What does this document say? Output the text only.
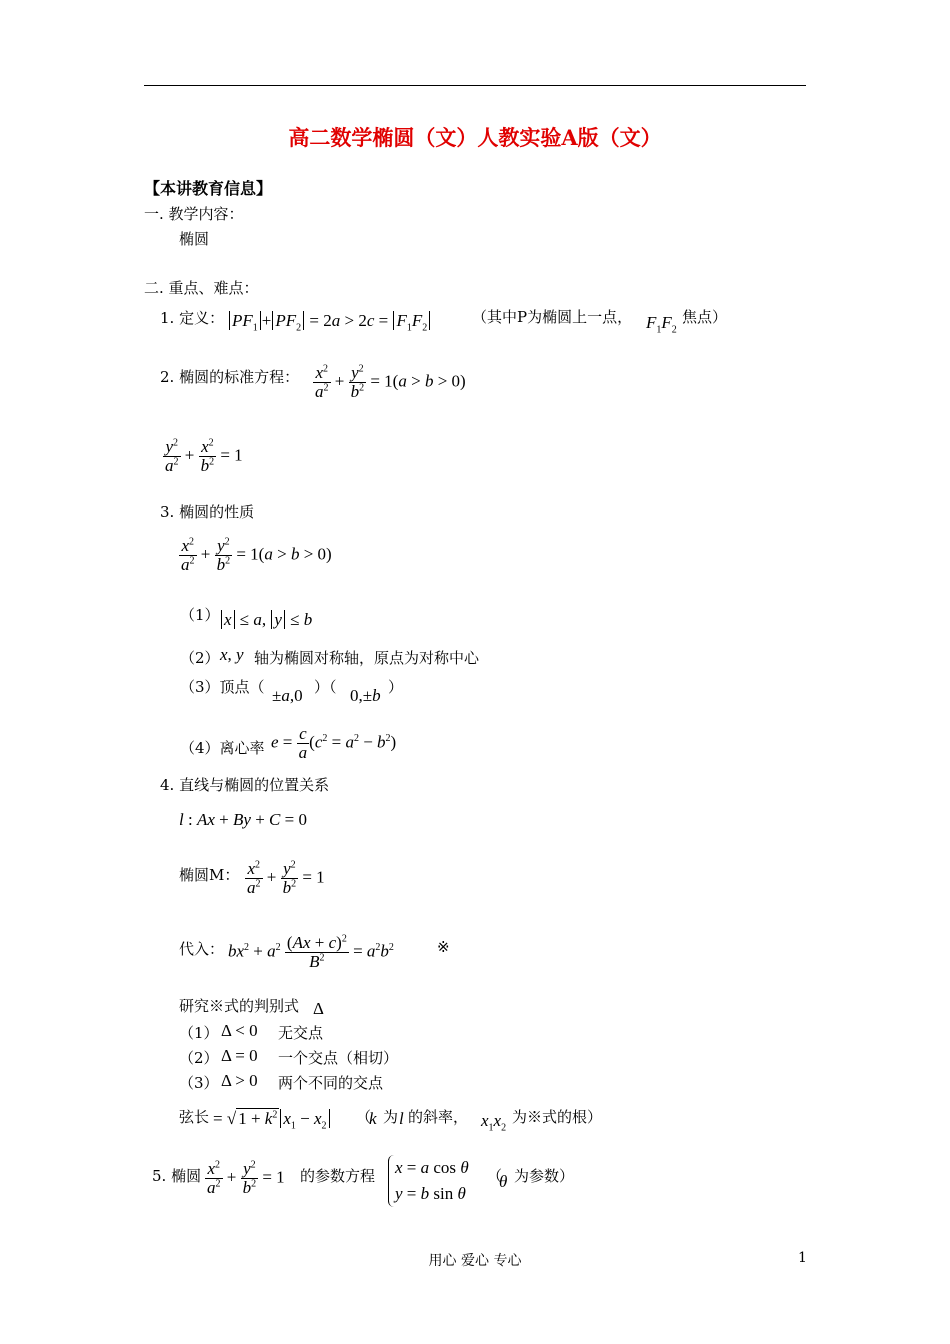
高二数学椭圆（文）人教实验A版（文）
【本讲教育信息】
一. 教学内容：
椭圆
二. 重点、难点：
1. 定义： $PF_1 + PF_2 = 2a > 2c = F_1F_2$
（其中P为椭圆上一点， $F_1F_2$
焦点）
2. 椭圆的标准方程： $\frac{x^2}{a^2} + \frac{y^2}{b^2} = 1(a > b > 0)$
$\frac{y^2}{a^2} + \frac{x^2}{b^2} = 1$
3. 椭圆的性质
$\frac{x^2}{a^2} + \frac{y^2}{b^2} = 1(a > b > 0)$
（1） x ≤ a, y ≤ b
（2） x, y 轴为椭圆对称轴，原点为对称中心
（3）顶点（ ±a,0 ）（ 0,±b ）
（4）离心率 $e = \frac{c}{a} (c^2 = a^2 - b^2)$
4. 直线与椭圆的位置关系
l : Ax + By + C = 0
椭圆M： $\frac{x^2}{a^2} + \frac{y^2}{b^2} = 1$
代入： $bx^2 + a^2 \frac{(Ax + c)^2}{B^2} = a^2b^2$	※
研究※式的判别式 Δ
（1） Δ < 0 无交点
（2） Δ = 0 一个交点（相切）
（3） Δ > 0 两个不同的交点
弦长 = √ $1 + k^2$ $x_1 - x_2$ （
k 为 l 的斜率， $x_1x_2$
为※式的根）
5. 椭圆 $\frac{x^2}{a^2} + \frac{y^2}{b^2} = 1$ 的参数方程 x = a cos θ
y = b sin θ
（
θ 为参数）
用心 爱心 专心	1
